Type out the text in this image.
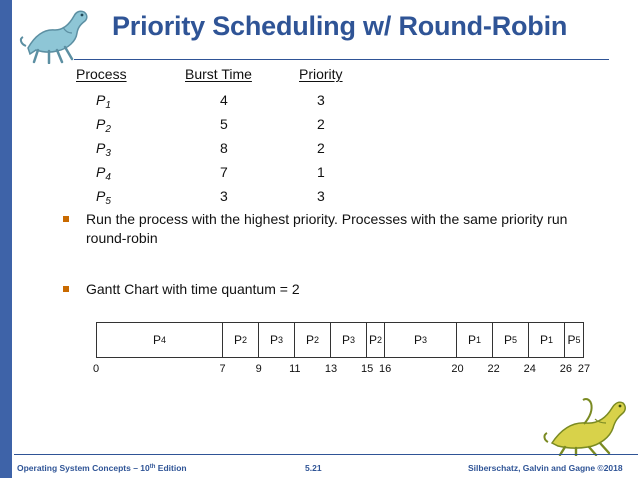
Priority Scheduling w/ Round-Robin
Process	Burst Time	Priority
$P_1$	4	3
$P_2$	5	2
$P_3$	8	2
$P_4$	7	1
$P_5$	3	3
Run the process with the highest priority. Processes with the same priority run round-robin
Gantt Chart with time quantum = 2
P 4	P 2 P 3 P 2 P 3 P 2	P 3	P 1 P 5 P 1 P 5
0	7	9 11 13 15 16	20 22 24 26 27
Operating System Concepts – 10th Edition	5.21	Silberschatz, Galvin and Gagne ©2018
